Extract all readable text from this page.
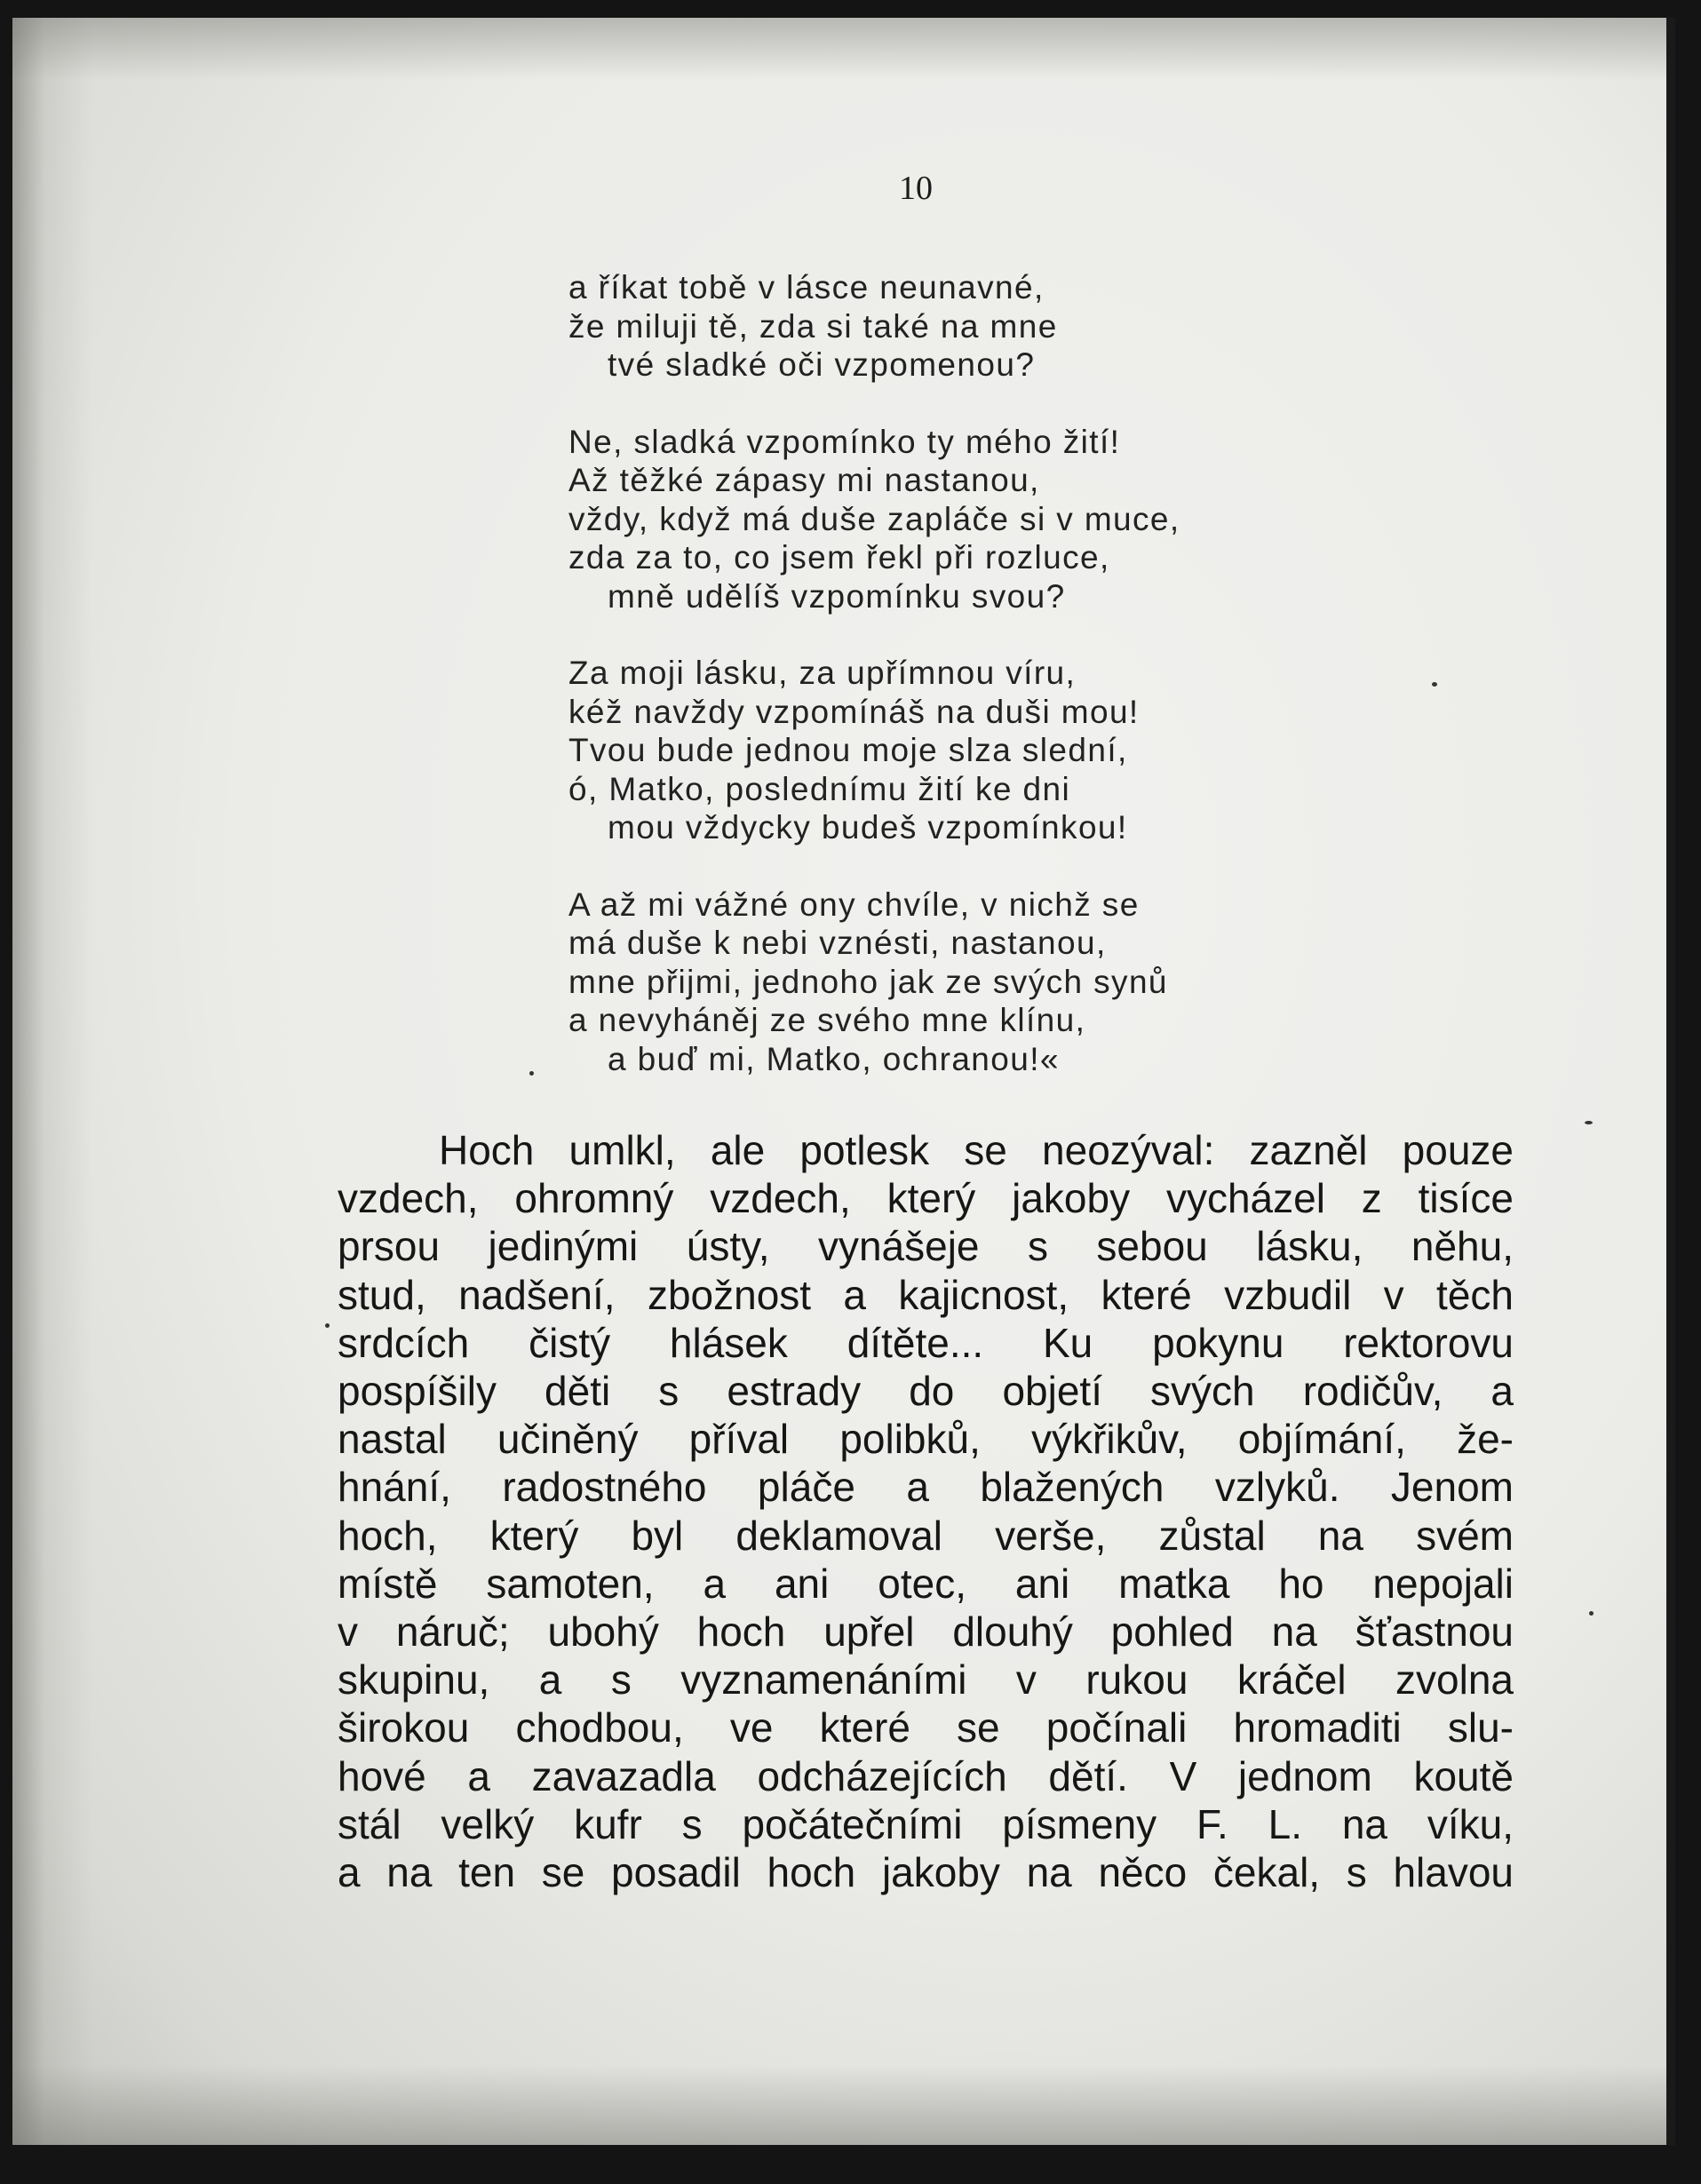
10

a říkat tobě v lásce neunavné,
že miluji tě, zda si také na mne
tvé sladké oči vzpomenou?
Ne, sladká vzpomínko ty mého žití!
Až těžké zápasy mi nastanou,
vždy, když má duše zapláče si v muce,
zda za to, co jsem řekl při rozluce,
mně udělíš vzpomínku svou?
Za moji lásku, za upřímnou víru,
kéž navždy vzpomínáš na duši mou!
Tvou bude jednou moje slza slední,
ó, Matko, poslednímu žití ke dni
mou vždycky budeš vzpomínkou!
A až mi vážné ony chvíle, v nichž se
má duše k nebi vznésti, nastanou,
mne přijmi, jednoho jak ze svých synů
a nevyháněj ze svého mne klínu,
a buď mi, Matko, ochranou!«

Hoch umlkl, ale potlesk se neozýval: zazněl pouze
vzdech, ohromný vzdech, který jakoby vycházel z tisíce
prsou jedinými ústy, vynášeje s sebou lásku, něhu,
stud, nadšení, zbožnost a kajicnost, které vzbudil v těch
srdcích čistý hlásek dítěte... Ku pokynu rektorovu
pospíšily děti s estrady do objetí svých rodičův, a
nastal učiněný příval polibků, výkřikův, objímání, že-
hnání, radostného pláče a blažených vzlyků. Jenom
hoch, který byl deklamoval verše, zůstal na svém
místě samoten, a ani otec, ani matka ho nepojali
v náruč; ubohý hoch upřel dlouhý pohled na šťastnou
skupinu, a s vyznamenáními v rukou kráčel zvolna
širokou chodbou, ve které se počínali hromaditi slu-
hové a zavazadla odcházejících dětí. V jednom koutě
stál velký kufr s počátečními písmeny F. L. na víku,
a na ten se posadil hoch jakoby na něco čekal, s hlavou
